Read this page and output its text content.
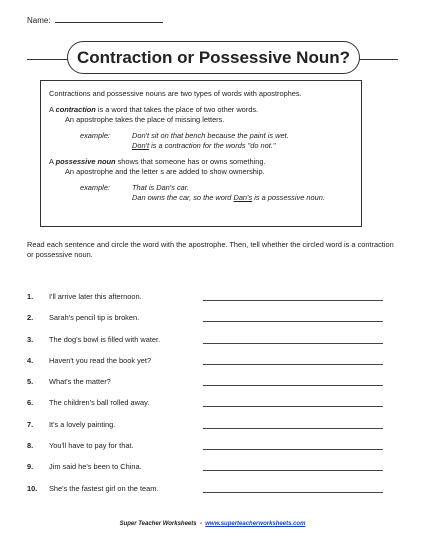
Name:
Contraction or Possessive Noun?

Contractions and possessive nouns are two types of words with apostrophes.

A contraction is a word that takes the place of two other words.

An apostrophe takes the place of missing letters.

example:	Don't sit on that bench because the paint is wet.
Don't is a contraction for the words "do not."

A possessive noun shows that someone has or owns something.

An apostrophe and the letter s are added to show ownership.

example:	That is Dan's car.
Dan owns the car, so the word Dan's is a possessive noun.

Read each sentence and circle the word with the apostrophe. Then, tell whether the circled word is a contraction or possessive noun.

1. I'll arrive later this afternoon.
2. Sarah's pencil tip is broken.
3. The dog's bowl is filled with water.
4. Haven't you read the book yet?
5. What's the matter?
6. The children's ball rolled away.
7. It's a lovely painting.
8. You'll have to pay for that.
9. Jim said he's been to China.
10. She's the fastest girl on the team.
Super Teacher Worksheets  -  www.superteacherworksheets.com
